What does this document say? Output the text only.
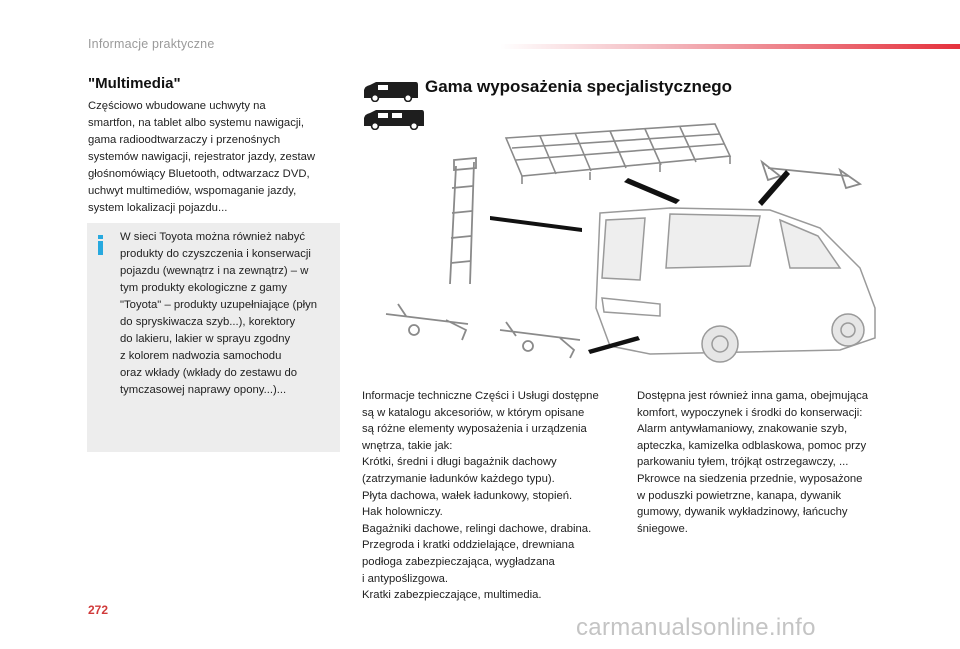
Informacje praktyczne
"Multimedia"
Częściowo wbudowane uchwyty na
smartfon, na tablet albo systemu nawigacji,
gama radioodtwarzaczy i przenośnych
systemów nawigacji, rejestrator jazdy, zestaw
głośnomówiący Bluetooth, odtwarzacz DVD,
uchwyt multimediów, wspomaganie jazdy,
system lokalizacji pojazdu...
W sieci Toyota można również nabyć
produkty do czyszczenia i konserwacji
pojazdu (wewnątrz i na zewnątrz) – w
tym produkty ekologiczne z gamy
"Toyota" – produkty uzupełniające (płyn
do spryskiwacza szyb...), korektory
do lakieru, lakier w sprayu zgodny
z kolorem nadwozia samochodu
oraz wkłady (wkłady do zestawu do
tymczasowej naprawy opony...)...
Gama wyposażenia specjalistycznego
Informacje techniczne Części i Usługi dostępne
są w katalogu akcesoriów, w którym opisane
są różne elementy wyposażenia i urządzenia
wnętrza, takie jak:
Krótki, średni i długi bagażnik dachowy
(zatrzymanie ładunków każdego typu).
Płyta dachowa, wałek ładunkowy, stopień.
Hak holowniczy.
Bagażniki dachowe, relingi dachowe, drabina.
Przegroda i kratki oddzielające, drewniana
podłoga zabezpieczająca, wygładzana
i antypoślizgowa.
Kratki zabezpieczające, multimedia.
Dostępna jest również inna gama, obejmująca
komfort, wypoczynek i środki do konserwacji:
Alarm antywłamaniowy, znakowanie szyb,
apteczka, kamizelka odblaskowa, pomoc przy
parkowaniu tyłem, trójkąt ostrzegawczy, ...
Pkrowce na siedzenia przednie, wyposażone
w poduszki powietrzne, kanapa, dywanik
gumowy, dywanik wykładzinowy, łańcuchy
śniegowe.
272
carmanualsonline.info
